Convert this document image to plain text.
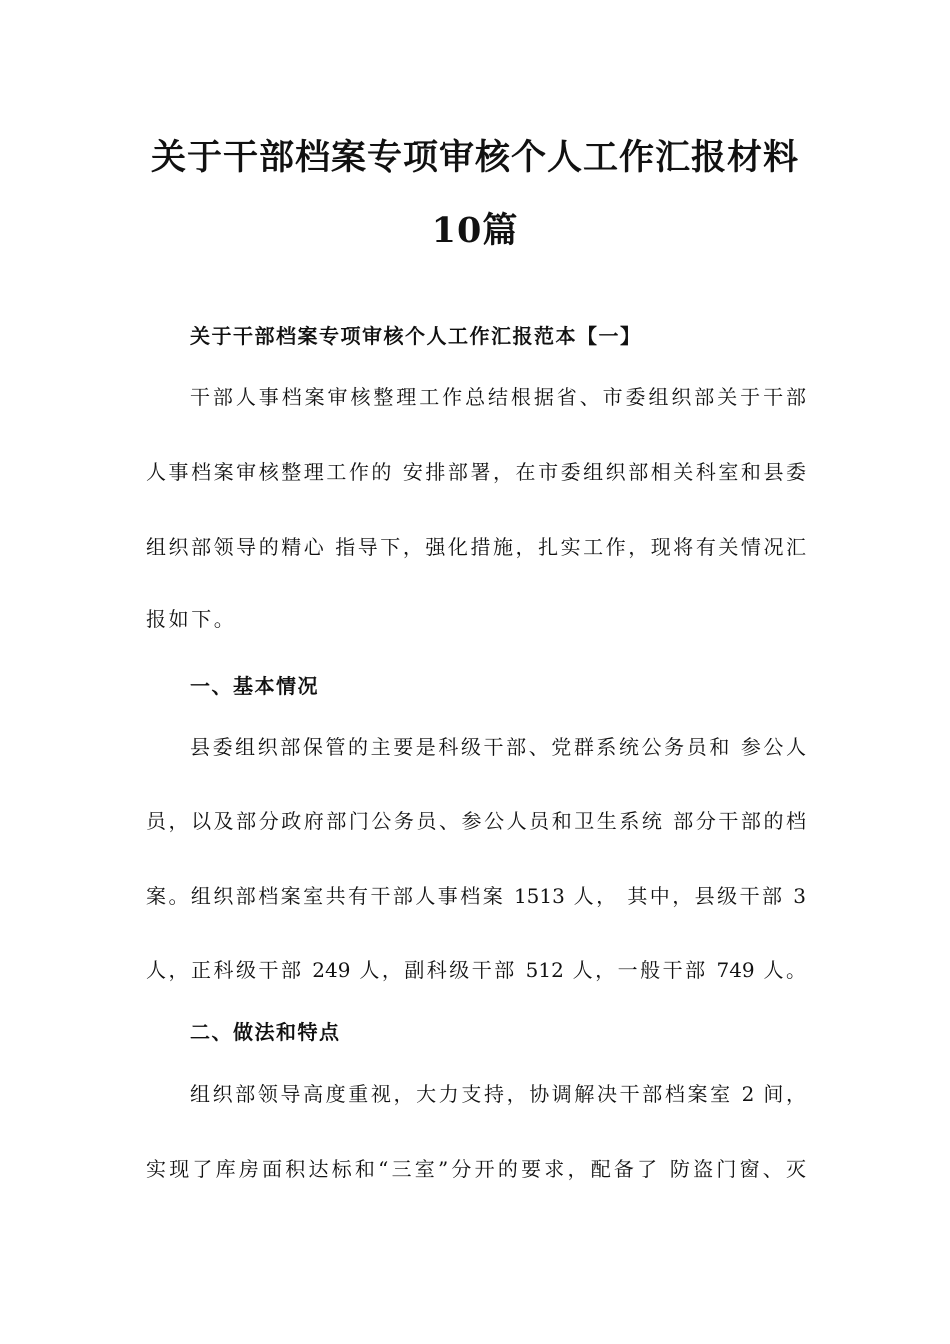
关于干部档案专项审核个人工作汇报材料
10篇

关于干部档案专项审核个人工作汇报范本【一】

干部人事档案审核整理工作总结根据省、市委组织部关于干部

人事档案审核整理工作的 安排部署，在市委组织部相关科室和县委

组织部领导的精心 指导下，强化措施，扎实工作，现将有关情况汇

报如下。

一、基本情况

县委组织部保管的主要是科级干部、党群系统公务员和 参公人

员，以及部分政府部门公务员、参公人员和卫生系统 部分干部的档

案。组织部档案室共有干部人事档案 1513 人， 其中，县级干部 3

人，正科级干部 249 人，副科级干部 512 人，一般干部 749 人。

二、做法和特点

组织部领导高度重视，大力支持，协调解决干部档案室 2 间，

实现了库房面积达标和“三室”分开的要求，配备了 防盗门窗、灭
